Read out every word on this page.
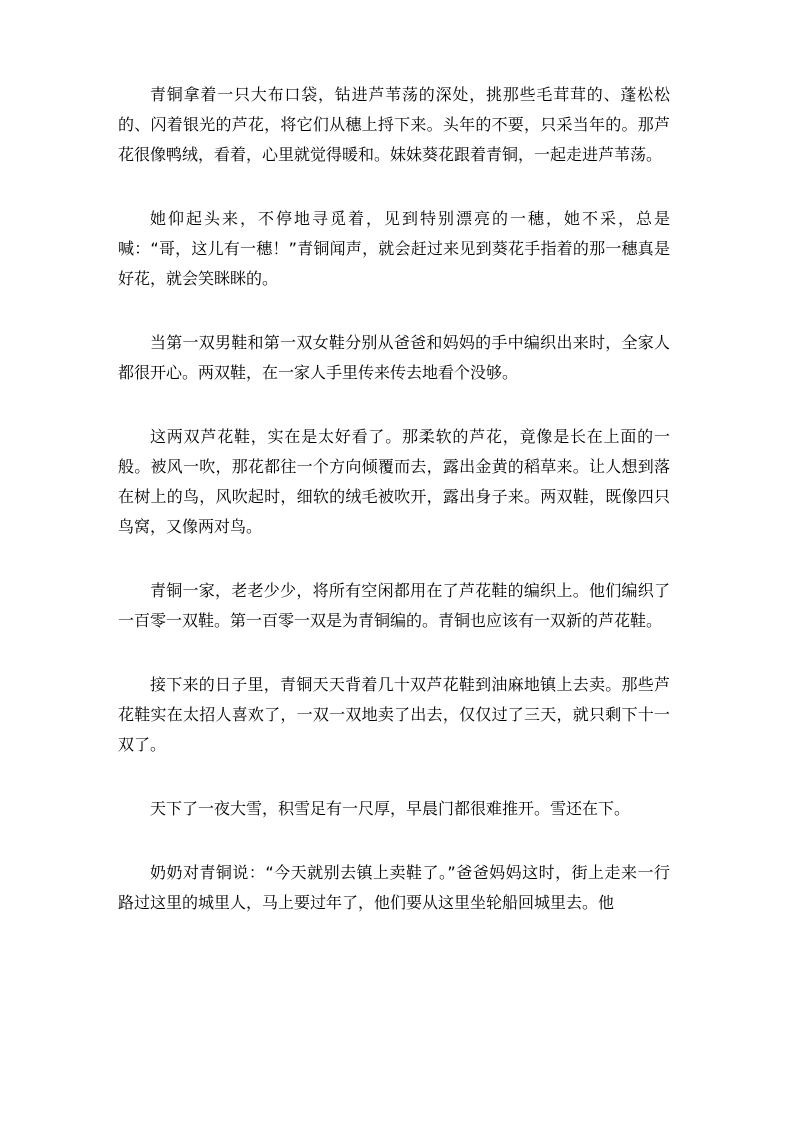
青铜拿着一只大布口袋，钻进芦苇荡的深处，挑那些毛茸茸的、蓬松松的、闪着银光的芦花，将它们从穗上捋下来。头年的不要，只采当年的。那芦花很像鸭绒，看着，心里就觉得暖和。妹妹葵花跟着青铜，一起走进芦苇荡。

她仰起头来，不停地寻觅着，见到特别漂亮的一穗，她不采，总是喊：“哥，这儿有一穗！”青铜闻声，就会赶过来见到葵花手指着的那一穗真是好花，就会笑眯眯的。

当第一双男鞋和第一双女鞋分别从爸爸和妈妈的手中编织出来时，全家人都很开心。两双鞋，在一家人手里传来传去地看个没够。

这两双芦花鞋，实在是太好看了。那柔软的芦花，竟像是长在上面的一般。被风一吹，那花都往一个方向倾覆而去，露出金黄的稻草来。让人想到落在树上的鸟，风吹起时，细软的绒毛被吹开，露出身子来。两双鞋，既像四只鸟窝，又像两对鸟。

青铜一家，老老少少，将所有空闲都用在了芦花鞋的编织上。他们编织了一百零一双鞋。第一百零一双是为青铜编的。青铜也应该有一双新的芦花鞋。

接下来的日子里，青铜天天背着几十双芦花鞋到油麻地镇上去卖。那些芦花鞋实在太招人喜欢了，一双一双地卖了出去，仅仅过了三天，就只剩下十一双了。

天下了一夜大雪，积雪足有一尺厚，早晨门都很难推开。雪还在下。

奶奶对青铜说：“今天就别去镇上卖鞋了。”爸爸妈妈这时，街上走来一行路过这里的城里人，马上要过年了，他们要从这里坐轮船回城里去。他
